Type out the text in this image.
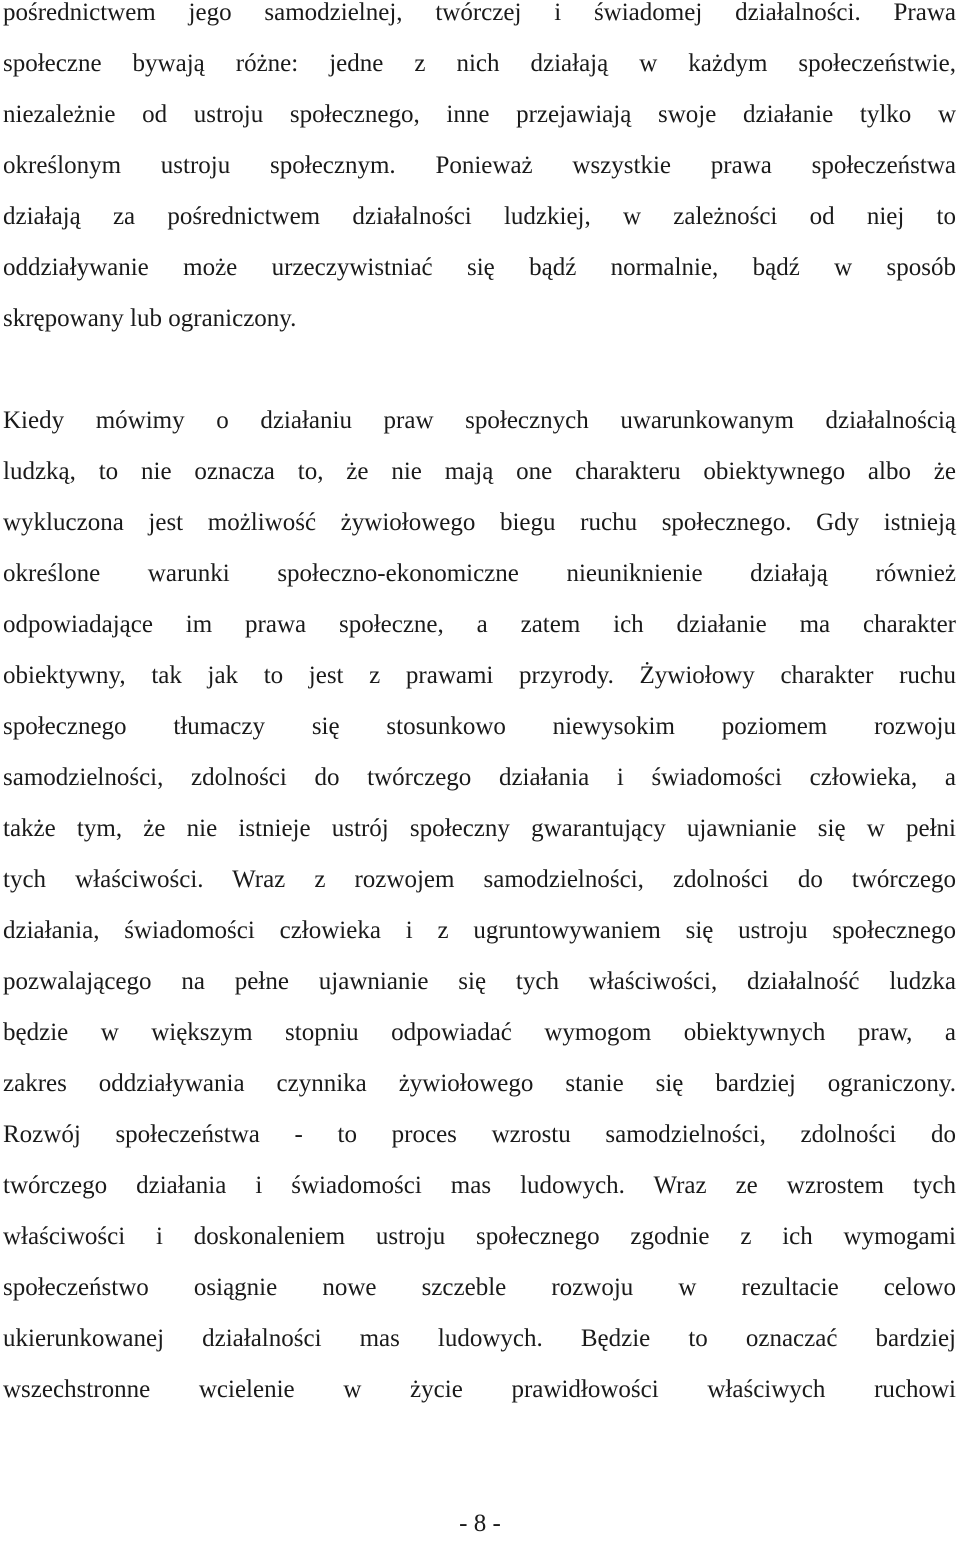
pośrednictwem jego samodzielnej, twórczej i świadomej działalności. Prawa
społeczne bywają różne: jedne z nich działają w każdym społeczeństwie,
niezależnie od ustroju społecznego, inne przejawiają swoje działanie tylko w
określonym ustroju społecznym. Ponieważ wszystkie prawa społeczeństwa
działają za pośrednictwem działalności ludzkiej, w zależności od niej to
oddziaływanie może urzeczywistniać się bądź normalnie, bądź w sposób
skrępowany lub ograniczony.
Kiedy mówimy o działaniu praw społecznych uwarunkowanym działalnością
ludzką, to nie oznacza to, że nie mają one charakteru obiektywnego albo że
wykluczona jest możliwość żywiołowego biegu ruchu społecznego. Gdy istnieją
określone warunki społeczno-ekonomiczne nieuniknienie działają również
odpowiadające im prawa społeczne, a zatem ich działanie ma charakter
obiektywny, tak jak to jest z prawami przyrody. Żywiołowy charakter ruchu
społecznego tłumaczy się stosunkowo niewysokim poziomem rozwoju
samodzielności, zdolności do twórczego działania i świadomości człowieka, a
także tym, że nie istnieje ustrój społeczny gwarantujący ujawnianie się w pełni
tych właściwości. Wraz z rozwojem samodzielności, zdolności do twórczego
działania, świadomości człowieka i z ugruntowywaniem się ustroju społecznego
pozwalającego na pełne ujawnianie się tych właściwości, działalność ludzka
będzie w większym stopniu odpowiadać wymogom obiektywnych praw, a
zakres oddziaływania czynnika żywiołowego stanie się bardziej ograniczony.
Rozwój społeczeństwa - to proces wzrostu samodzielności, zdolności do
twórczego działania i świadomości mas ludowych. Wraz ze wzrostem tych
właściwości i doskonaleniem ustroju społecznego zgodnie z ich wymogami
społeczeństwo osiągnie nowe szczeble rozwoju w rezultacie celowo
ukierunkowanej działalności mas ludowych. Będzie to oznaczać bardziej
wszechstronne wcielenie w życie prawidłowości właściwych ruchowi
- 8 -
